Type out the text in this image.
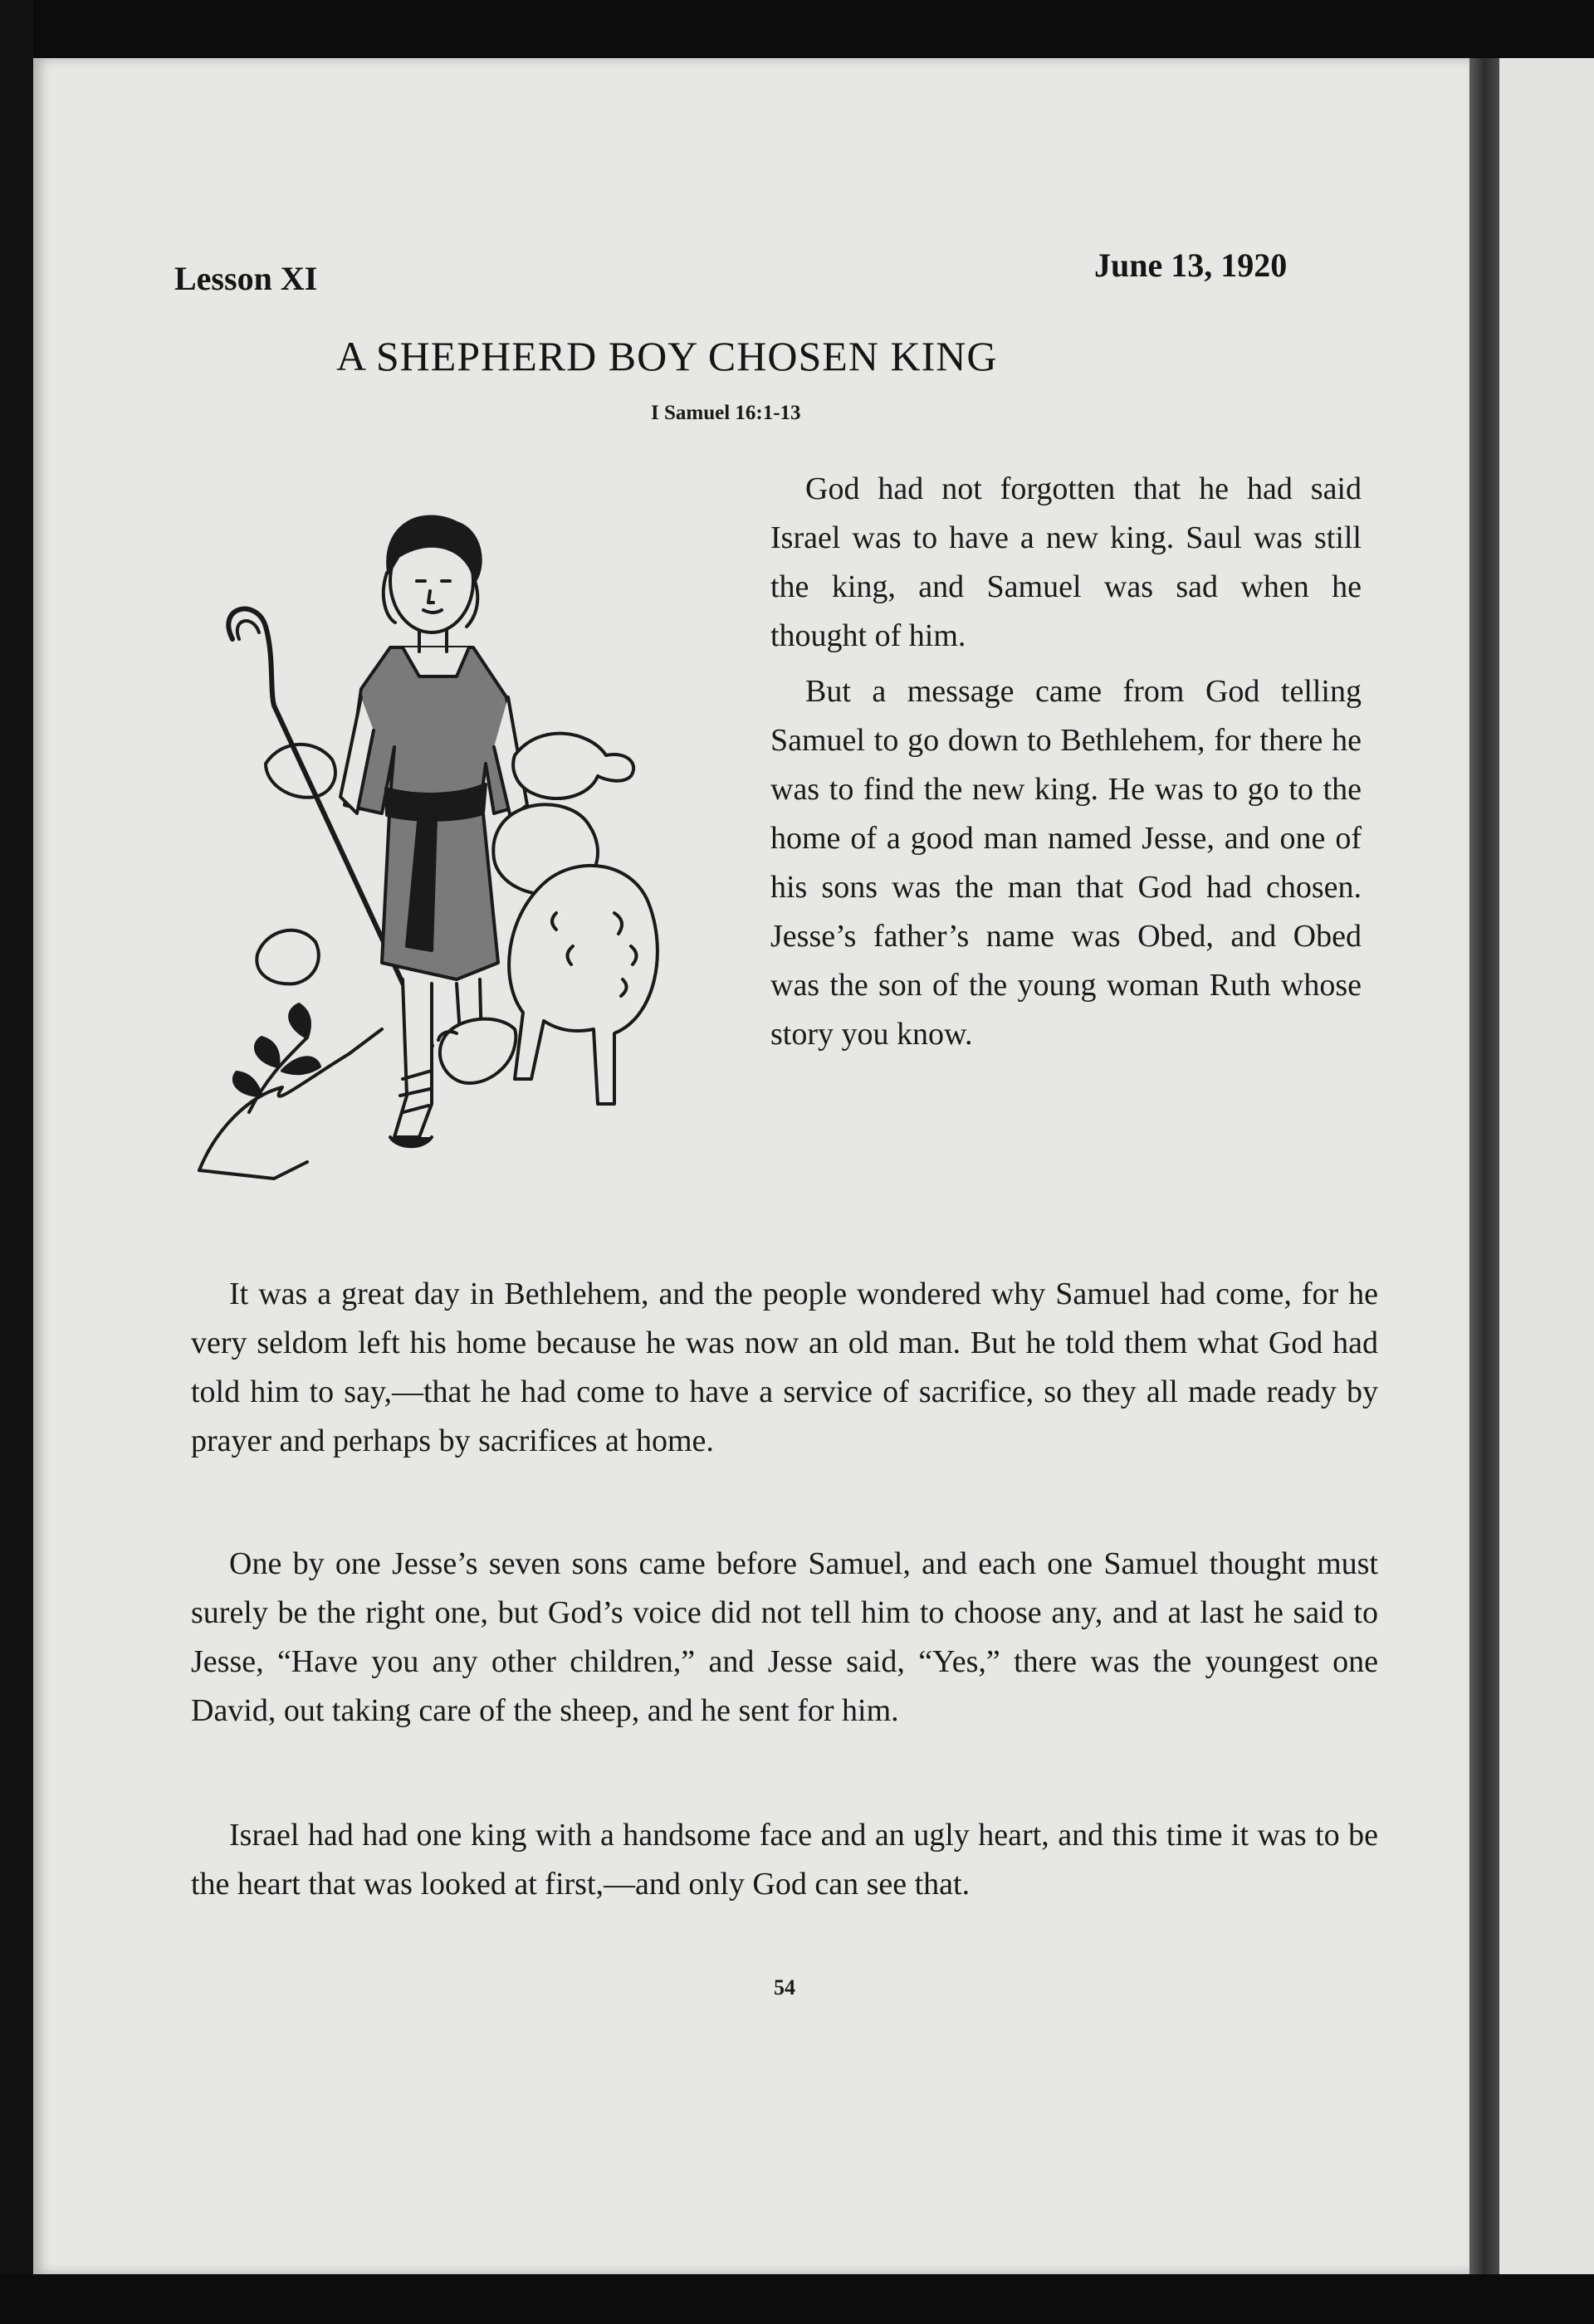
Lesson XI	June 13, 1920
A SHEPHERD BOY CHOSEN KING
I Samuel 16:1-13

God had not forgotten that he had said Israel was to have a new king. Saul was still the king, and Samuel was sad when he thought of him.

But a message came from God telling Samuel to go down to Bethlehem, for there he was to find the new king. He was to go to the home of a good man named Jesse, and one of his sons was the man that God had chosen. Jesse’s father’s name was Obed, and Obed was the son of the young woman Ruth whose story you know.

It was a great day in Bethlehem, and the people wondered why Samuel had come, for he very seldom left his home because he was now an old man. But he told them what God had told him to say,—that he had come to have a service of sacrifice, so they all made ready by prayer and perhaps by sacrifices at home.

One by one Jesse’s seven sons came before Samuel, and each one Samuel thought must surely be the right one, but God’s voice did not tell him to choose any, and at last he said to Jesse, “Have you any other children,” and Jesse said, “Yes,” there was the youngest one David, out taking care of the sheep, and he sent for him.

Israel had had one king with a handsome face and an ugly heart, and this time it was to be the heart that was looked at first,—and only God can see that.

54
